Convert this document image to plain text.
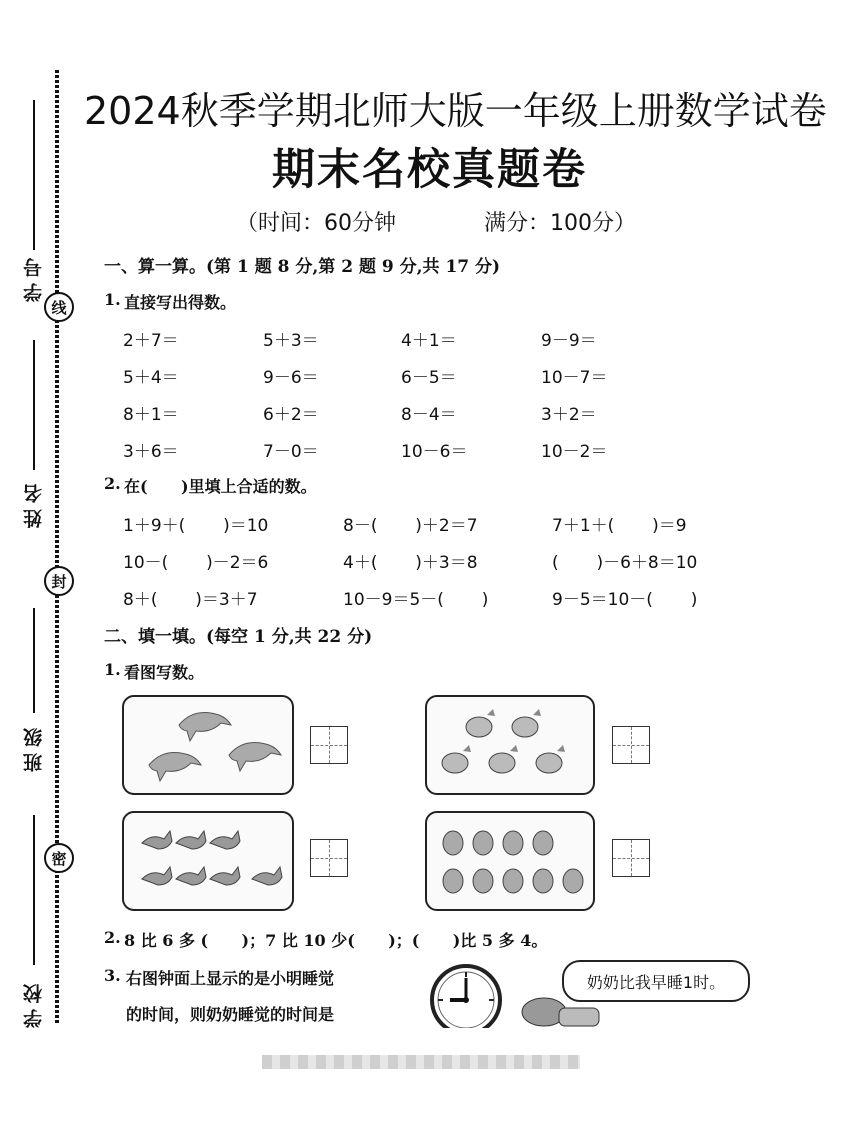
学号
线
姓名
封
班级
密
学校
2024秋季学期北师大版一年级上册数学试卷
期末名校真题卷
（时间：60分钟	满分：100分）
一、算一算。(第 1 题 8 分,第 2 题 9 分,共 17 分)
1. 直接写出得数。
2＋7＝	5＋3＝	4＋1＝	9－9＝
5＋4＝	9－6＝	6－5＝	10－7＝
8＋1＝	6＋2＝	8－4＝	3＋2＝
3＋6＝	7－0＝	10－6＝	10－2＝
2. 在(      )里填上合适的数。
1＋9＋(       )＝10	8－(       )＋2＝7	7＋1＋(       )＝9
10－(       )－2＝6	4＋(       )＋3＝8	(       )－6＋8＝10
8＋(       )＝3＋7	10－9＝5－(       )	9－5＝10－(       )
二、填一填。(每空 1 分,共 22 分)
1. 看图写数。
2. 8 比 6 多 (      )；7 比 10 少(      )；(      )比 5 多 4。
3. 右图钟面上显示的是小明睡觉
的时间，则奶奶睡觉的时间是
奶奶比我早睡1时。
